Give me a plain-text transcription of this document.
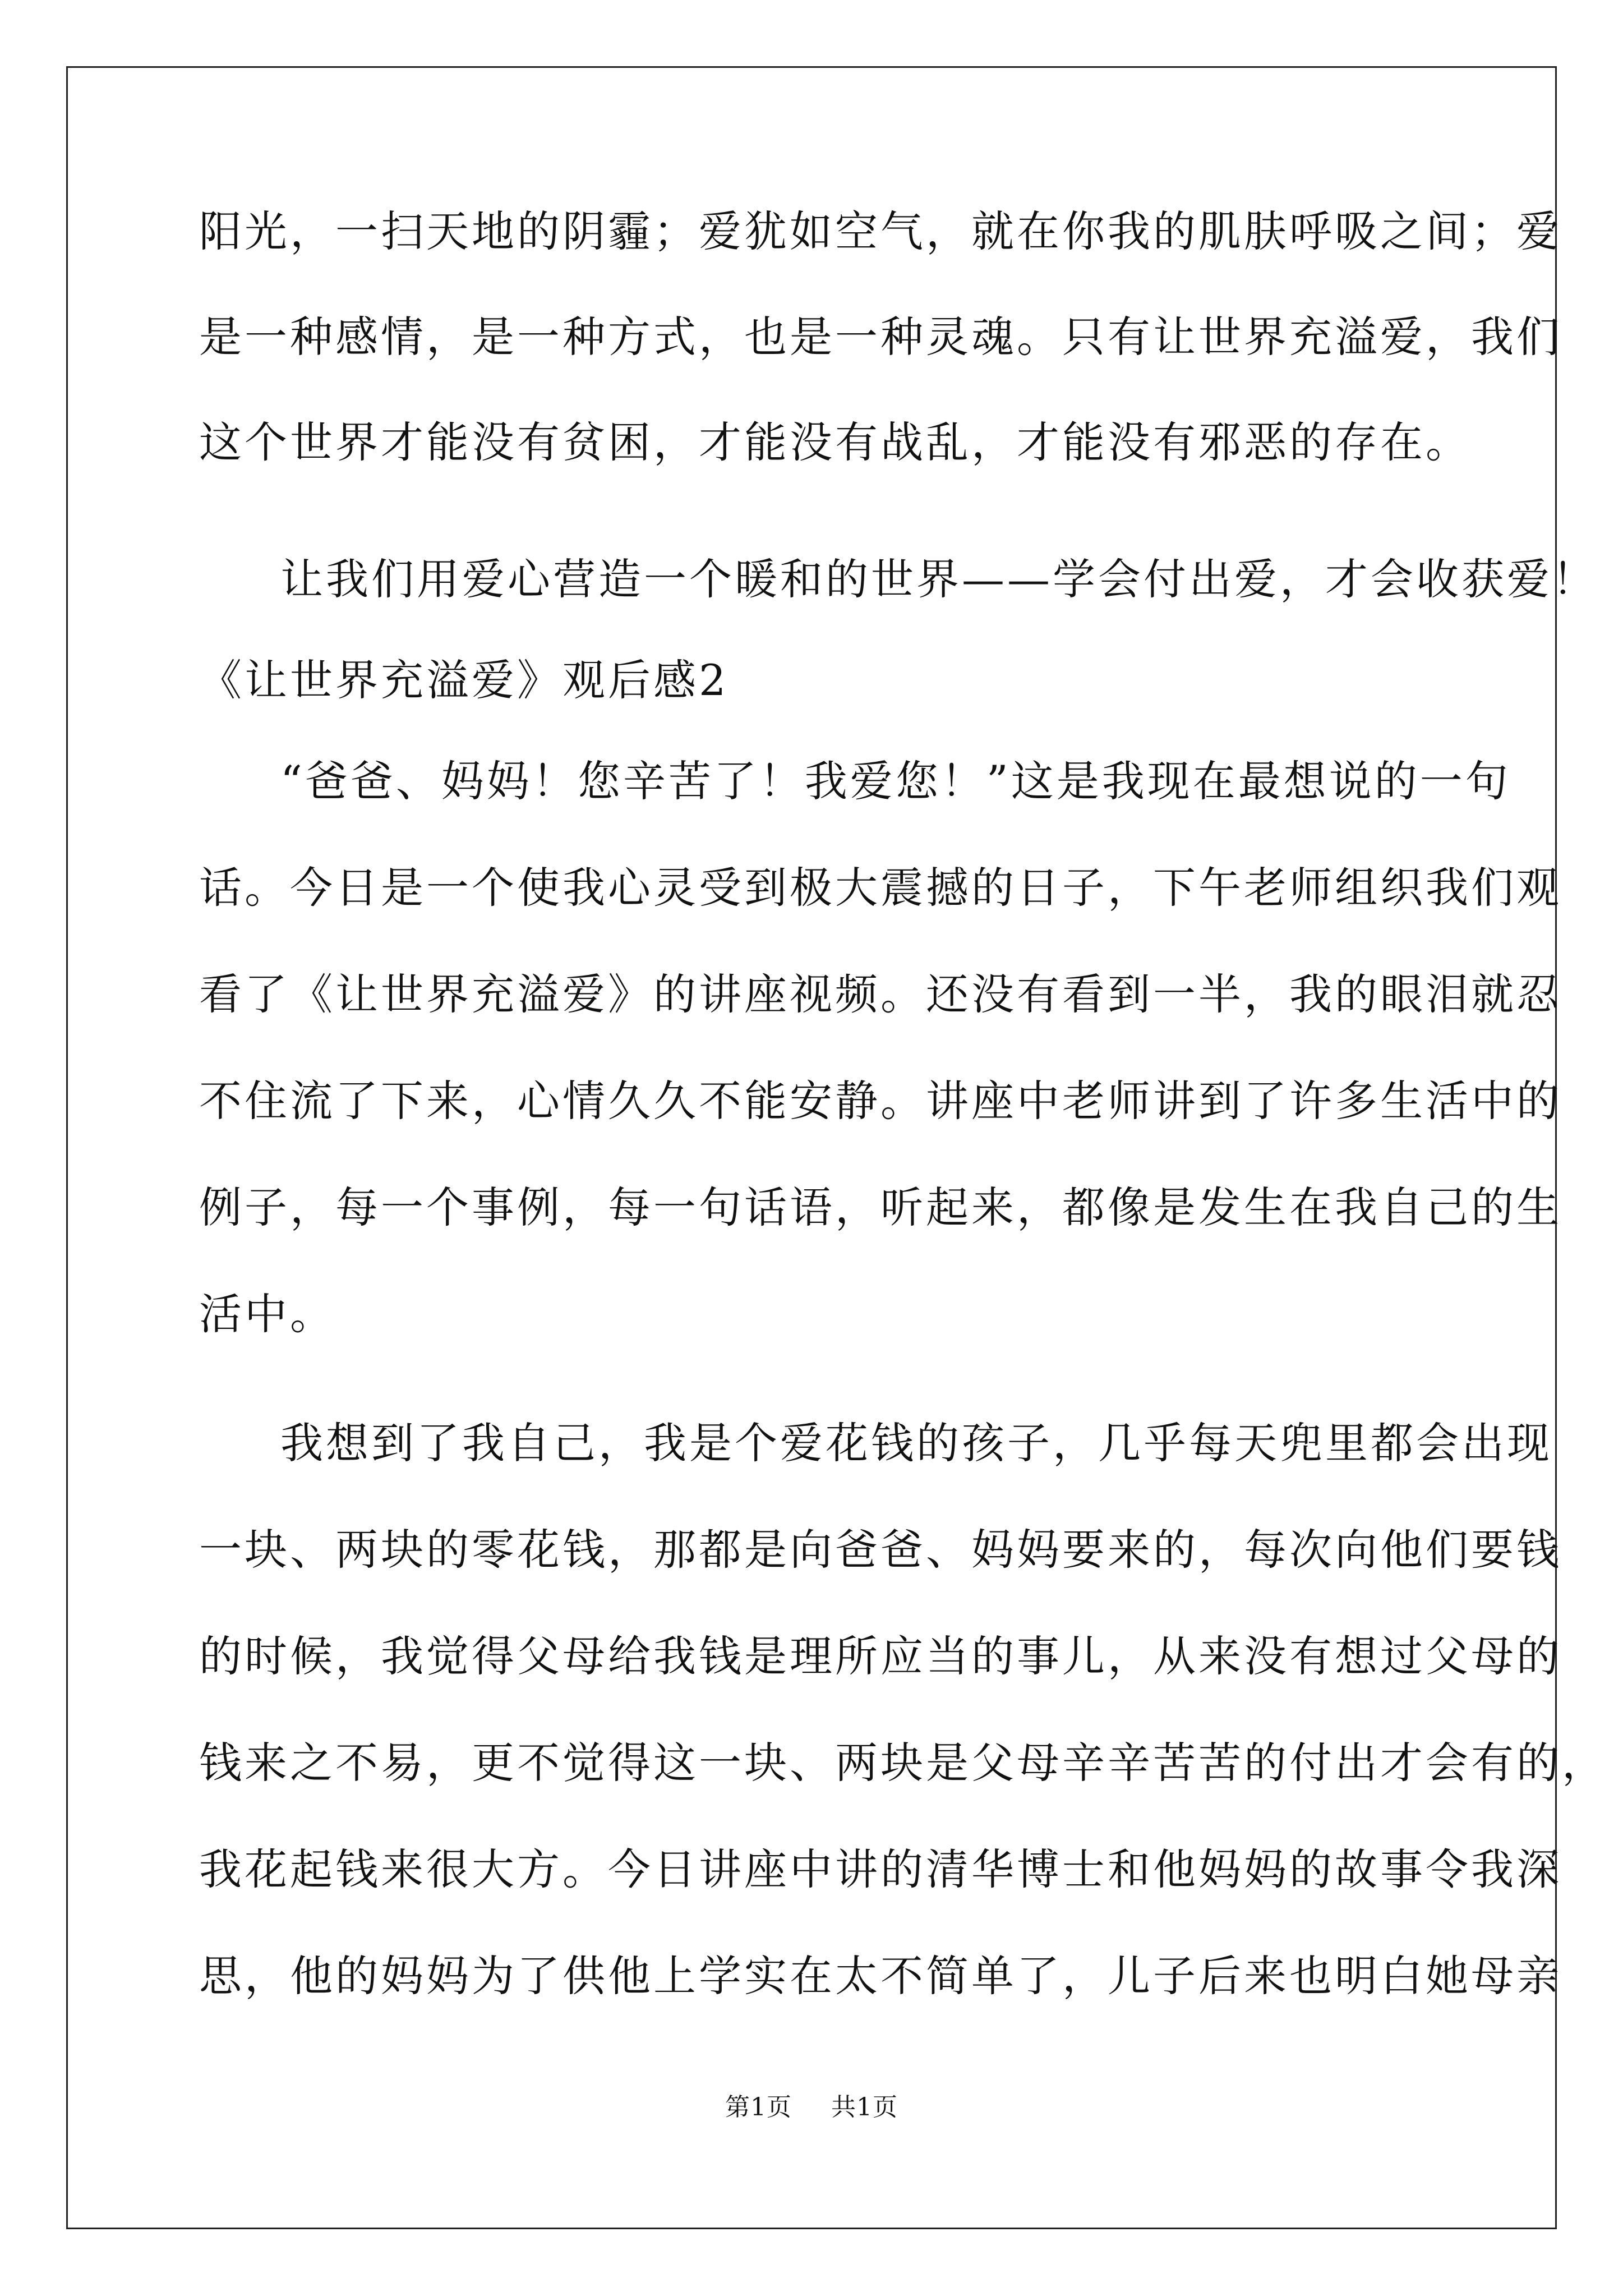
阳光，一扫天地的阴霾；爱犹如空气，就在你我的肌肤呼吸之间；爱
是一种感情，是一种方式，也是一种灵魂。只有让世界充溢爱，我们
这个世界才能没有贫困，才能没有战乱，才能没有邪恶的存在。
让我们用爱心营造一个暖和的世界——学会付出爱，才会收获爱！
《让世界充溢爱》观后感2
“爸爸、妈妈！您辛苦了！我爱您！”这是我现在最想说的一句
话。今日是一个使我心灵受到极大震撼的日子，下午老师组织我们观
看了《让世界充溢爱》的讲座视频。还没有看到一半，我的眼泪就忍
不住流了下来，心情久久不能安静。讲座中老师讲到了许多生活中的
例子，每一个事例，每一句话语，听起来，都像是发生在我自己的生
活中。
我想到了我自己，我是个爱花钱的孩子，几乎每天兜里都会出现
一块、两块的零花钱，那都是向爸爸、妈妈要来的，每次向他们要钱
的时候，我觉得父母给我钱是理所应当的事儿，从来没有想过父母的
钱来之不易，更不觉得这一块、两块是父母辛辛苦苦的付出才会有的，
我花起钱来很大方。今日讲座中讲的清华博士和他妈妈的故事令我深
思，他的妈妈为了供他上学实在太不简单了，儿子后来也明白她母亲
第1页 共1页
